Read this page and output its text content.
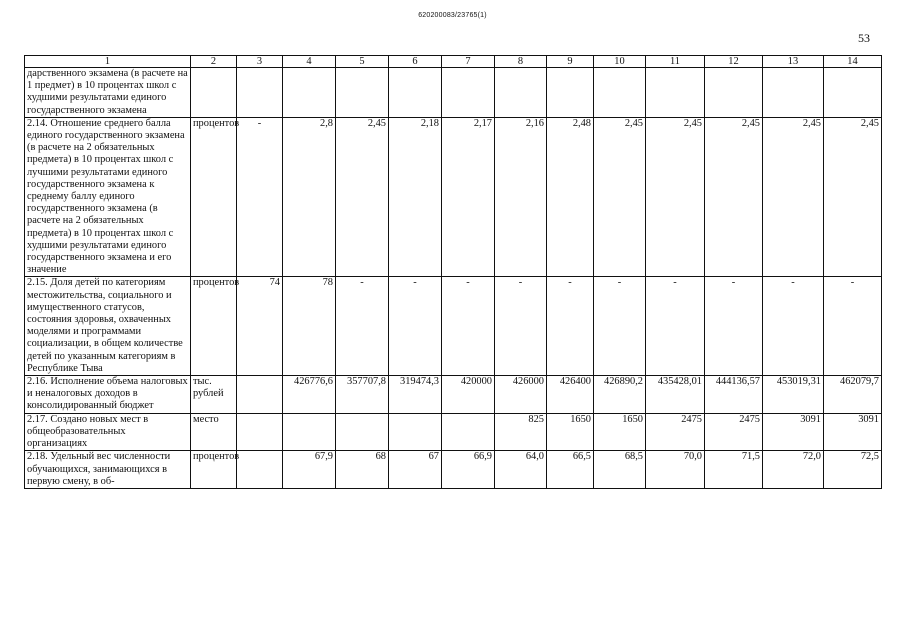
620200083/23765(1)
53
1	2	3	4	5	6	7	8	9	10	11	12	13	14
дарственного экзамена (в расчете на 1 предмет) в 10 процентах школ с худшими результатами единого государственного экзамена													
2.14. Отношение среднего балла единого государственного экзамена (в расчете на 2 обязательных предмета) в 10 процентах школ с лучшими результатами единого государственного экзамена к среднему баллу единого государственного экзамена (в расчете на 2 обязательных предмета) в 10 процентах школ с худшими результатами единого государственного экзамена и его значение	процентов	-	2,8	2,45	2,18	2,17	2,16	2,48	2,45	2,45	2,45	2,45	2,45
2.15. Доля детей по категориям местожительства, социального и имущественного статусов, состояния здоровья, охваченных моделями и программами социализации, в общем количестве детей по указанным категориям в Республике Тыва	процентов	74	78	-	-	-	-	-	-	-	-	-	-
2.16. Исполнение объема налоговых и неналоговых доходов в консолидированный бюджет	тыс. рублей		426776,6	357707,8	319474,3	420000	426000	426400	426890,2	435428,01	444136,57	453019,31	462079,7
2.17. Создано новых мест в общеобразовательных организациях	место						825	1650	1650	2475	2475	3091	3091
2.18. Удельный вес численности обучающихся, занимающихся в первую смену, в об-	процентов		67,9	68	67	66,9	64,0	66,5	68,5	70,0	71,5	72,0	72,5
